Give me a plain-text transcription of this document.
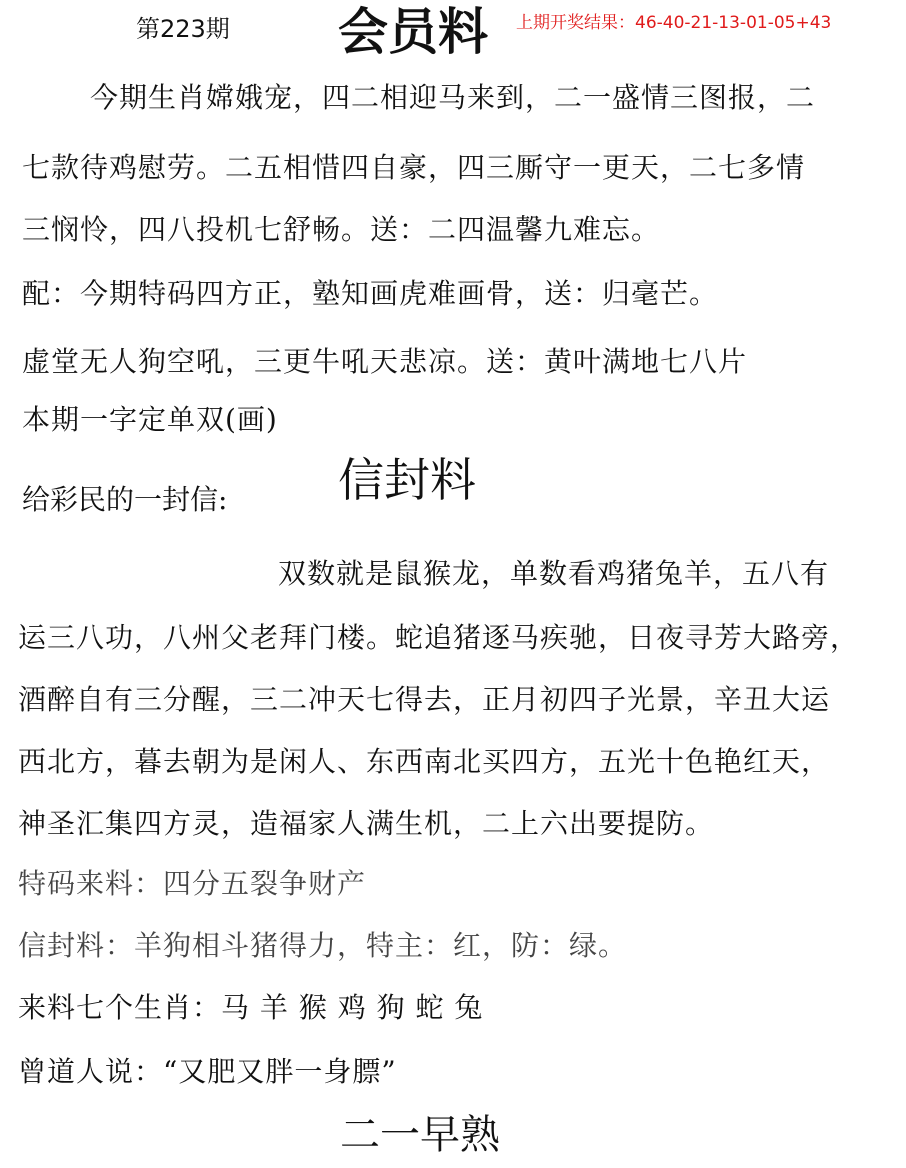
第223期 会员料 上期开奖结果：46-40-21-13-01-05+43
今期生肖嫦娥宠，四二相迎马来到，二一盛情三图报，二
七款待鸡慰劳。二五相惜四自豪，四三厮守一更天，二七多情
三悯怜，四八投机七舒畅。送：二四温馨九难忘。
配：今期特码四方正，塾知画虎难画骨，送：归毫芒。
虚堂无人狗空吼，三更牛吼天悲凉。送：黄叶满地七八片
本期一字定单双(画)
信封料
给彩民的一封信:
双数就是鼠猴龙，单数看鸡猪兔羊，五八有
运三八功，八州父老拜门楼。蛇追猪逐马疾驰，日夜寻芳大路旁，
酒醉自有三分醒，三二冲天七得去，正月初四子光景，辛丑大运
西北方，暮去朝为是闲人、东西南北买四方，五光十色艳红天，
神圣汇集四方灵，造福家人满生机，二上六出要提防。
特码来料：四分五裂争财产
信封料：羊狗相斗猪得力，特主：红，防：绿。
来料七个生肖：马 羊 猴 鸡 狗 蛇 兔
曾道人说：“又肥又胖一身膘”
二一早熟
